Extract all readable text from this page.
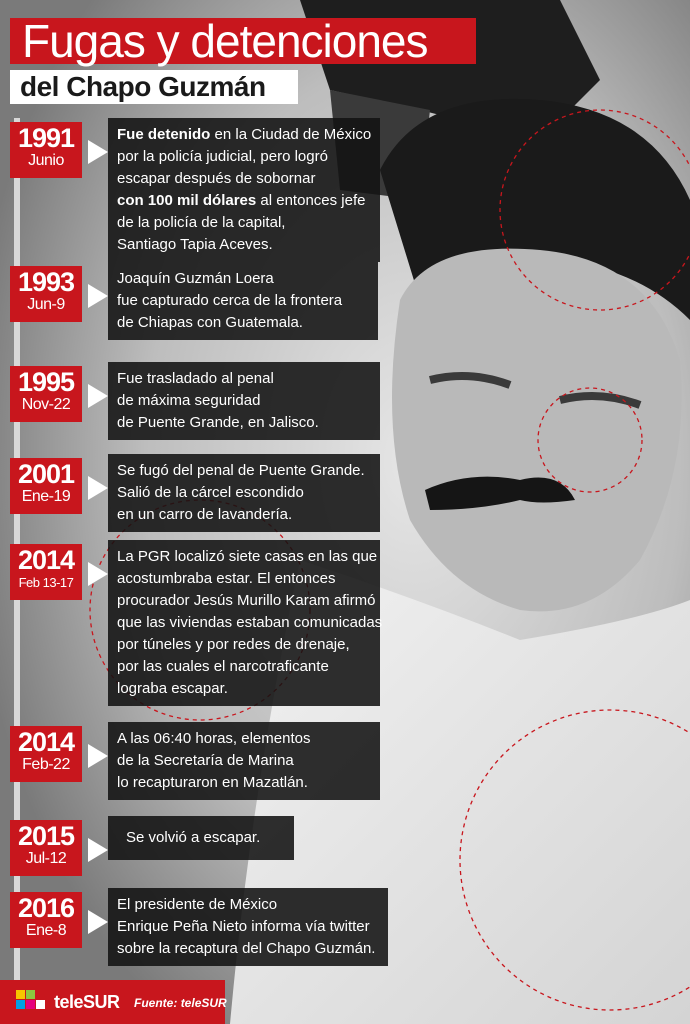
Fugas y detenciones
del Chapo Guzmán
1991
Junio
Fue detenido en la Ciudad de México
por la policía judicial, pero logró
escapar después de sobornar
con 100 mil dólares al entonces jefe
de la policía de la capital,
Santiago Tapia Aceves.
1993
Jun-9
Joaquín Guzmán Loera
fue capturado cerca de la frontera
de Chiapas con Guatemala.
1995
Nov-22
Fue trasladado al penal
de máxima seguridad
de Puente Grande, en Jalisco.
2001
Ene-19
Se fugó del penal de Puente Grande.
Salió de la cárcel escondido
en un carro de lavandería.
2014
Feb 13-17
La PGR localizó siete casas en las que
acostumbraba estar. El entonces
procurador Jesús Murillo Karam afirmó
que las viviendas estaban comunicadas
por túneles y por redes de drenaje,
por las cuales el narcotraficante
lograba escapar.
2014
Feb-22
A las 06:40 horas, elementos
de la Secretaría de Marina
lo recapturaron en Mazatlán.
2015
Jul-12
Se volvió a escapar.
2016
Ene-8
El presidente de México
Enrique Peña Nieto informa vía twitter
sobre la recaptura del Chapo Guzmán.
teleSUR Fuente: teleSUR
